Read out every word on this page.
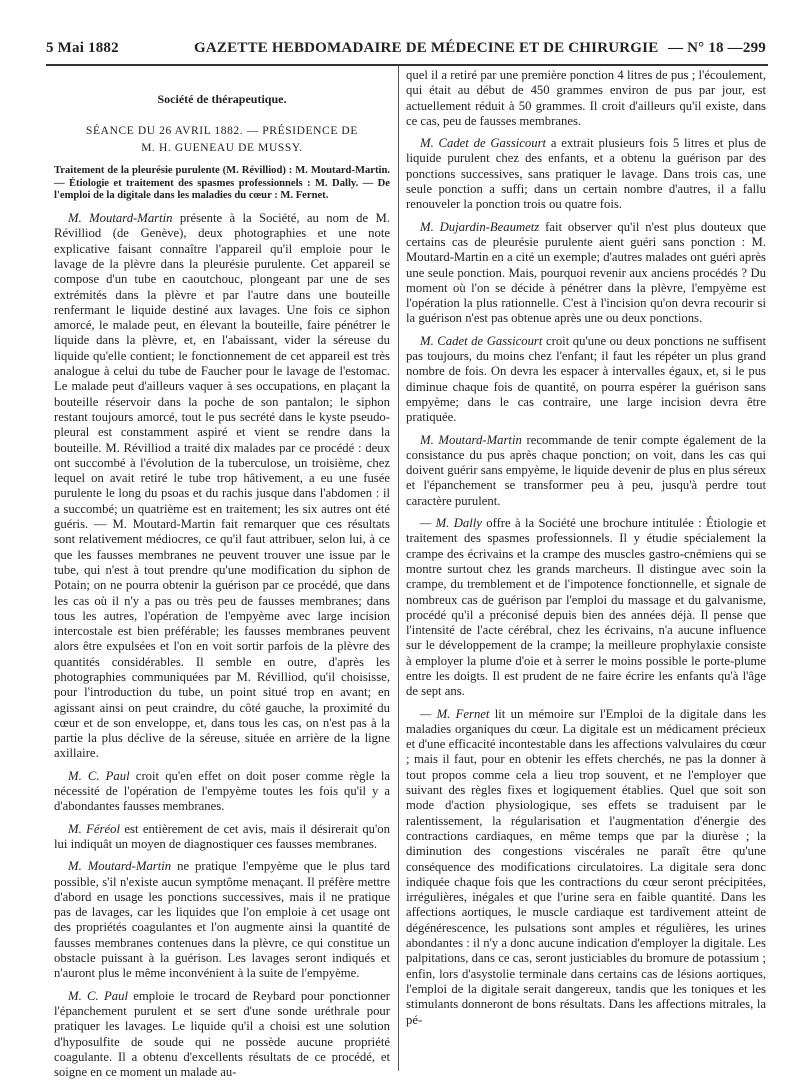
5 Mai 1882	GAZETTE HEBDOMADAIRE DE MÉDECINE ET DE CHIRURGIE — N° 18 — 299
Société de thérapeutique.
SÉANCE DU 26 AVRIL 1882. — PRÉSIDENCE DE
M. H. GUENEAU DE MUSSY.
Traitement de la pleurésie purulente (M. Révilliod) : M. Moutard-Martin. — Étiologie et traitement des spasmes professionnels : M. Dally. — De l'emploi de la digitale dans les maladies du cœur : M. Fernet.

M. Moutard-Martin présente à la Société, au nom de M. Révilliod (de Genève), deux photographies et une note explicative faisant connaître l'appareil qu'il emploie pour le lavage de la plèvre dans la pleurésie purulente. Cet appareil se compose d'un tube en caoutchouc, plongeant par une de ses extrémités dans la plèvre et par l'autre dans une bouteille renfermant le liquide destiné aux lavages. Une fois ce siphon amorcé, le malade peut, en élevant la bouteille, faire pénétrer le liquide dans la plèvre, et, en l'abaissant, vider la séreuse du liquide qu'elle contient; le fonctionnement de cet appareil est très analogue à celui du tube de Faucher pour le lavage de l'estomac. Le malade peut d'ailleurs vaquer à ses occupations, en plaçant la bouteille réservoir dans la poche de son pantalon; le siphon restant toujours amorcé, tout le pus secrété dans le kyste pseudo-pleural est constamment aspiré et vient se rendre dans la bouteille. M. Révilliod a traité dix malades par ce procédé : deux ont succombé à l'évolution de la tuberculose, un troisième, chez lequel on avait retiré le tube trop hâtivement, a eu une fusée purulente le long du psoas et du rachis jusque dans l'abdomen : il a succombé; un quatrième est en traitement; les six autres ont été guéris. — M. Moutard-Martin fait remarquer que ces résultats sont relativement médiocres, ce qu'il faut attribuer, selon lui, à ce que les fausses membranes ne peuvent trouver une issue par le tube, qui n'est à tout prendre qu'une modification du siphon de Potain; on ne pourra obtenir la guérison par ce procédé, que dans les cas où il n'y a pas ou très peu de fausses membranes; dans tous les autres, l'opération de l'empyème avec large incision intercostale est bien préférable; les fausses membranes peuvent alors être expulsées et l'on en voit sortir parfois de la plèvre des quantités considérables. Il semble en outre, d'après les photographies communiquées par M. Révilliod, qu'il choisisse, pour l'introduction du tube, un point situé trop en avant; en agissant ainsi on peut craindre, du côté gauche, la proximité du cœur et de son enveloppe, et, dans tous les cas, on n'est pas à la partie la plus déclive de la séreuse, située en arrière de la ligne axillaire.

M. C. Paul croit qu'en effet on doit poser comme règle la nécessité de l'opération de l'empyème toutes les fois qu'il y a d'abondantes fausses membranes.

M. Féréol est entièrement de cet avis, mais il désirerait qu'on lui indiquât un moyen de diagnostiquer ces fausses membranes.

M. Moutard-Martin ne pratique l'empyème que le plus tard possible, s'il n'existe aucun symptôme menaçant. Il préfère mettre d'abord en usage les ponctions successives, mais il ne pratique pas de lavages, car les liquides que l'on emploie à cet usage ont des propriétés coagulantes et l'on augmente ainsi la quantité de fausses membranes contenues dans la plèvre, ce qui constitue un obstacle puissant à la guérison. Les lavages seront indiqués et n'auront plus le même inconvénient à la suite de l'empyème.

M. C. Paul emploie le trocard de Reybard pour ponctionner l'épanchement purulent et se sert d'une sonde uréthrale pour pratiquer les lavages. Le liquide qu'il a choisi est une solution d'hyposulfite de soude qui ne possède aucune propriété coagulante. Il a obtenu d'excellents résultats de ce procédé, et soigne en ce moment un malade au-

quel il a retiré par une première ponction 4 litres de pus ; l'écoulement, qui était au début de 450 grammes environ de pus par jour, est actuellement réduit à 50 grammes. Il croit d'ailleurs qu'il existe, dans ce cas, peu de fausses membranes.

M. Cadet de Gassicourt a extrait plusieurs fois 5 litres et plus de liquide purulent chez des enfants, et a obtenu la guérison par des ponctions successives, sans pratiquer le lavage. Dans trois cas, une seule ponction a suffi; dans un certain nombre d'autres, il a fallu renouveler la ponction trois ou quatre fois.

M. Dujardin-Beaumetz fait observer qu'il n'est plus douteux que certains cas de pleurésie purulente aient guéri sans ponction : M. Moutard-Martin en a cité un exemple; d'autres malades ont guéri après une seule ponction. Mais, pourquoi revenir aux anciens procédés ? Du moment où l'on se décide à pénétrer dans la plèvre, l'empyème est l'opération la plus rationnelle. C'est à l'incision qu'on devra recourir si la guérison n'est pas obtenue après une ou deux ponctions.

M. Cadet de Gassicourt croit qu'une ou deux ponctions ne suffisent pas toujours, du moins chez l'enfant; il faut les répéter un plus grand nombre de fois. On devra les espacer à intervalles égaux, et, si le pus diminue chaque fois de quantité, on pourra espérer la guérison sans empyème; dans le cas contraire, une large incision devra être pratiquée.

M. Moutard-Martin recommande de tenir compte également de la consistance du pus après chaque ponction; on voit, dans les cas qui doivent guérir sans empyème, le liquide devenir de plus en plus séreux et l'épanchement se transformer peu à peu, jusqu'à perdre tout caractère purulent.

— M. Dally offre à la Société une brochure intitulée : Étiologie et traitement des spasmes professionnels. Il y étudie spécialement la crampe des écrivains et la crampe des muscles gastro-cnémiens qui se montre surtout chez les grands marcheurs. Il distingue avec soin la crampe, du tremblement et de l'impotence fonctionnelle, et signale de nombreux cas de guérison par l'emploi du massage et du galvanisme, procédé qu'il a préconisé depuis bien des années déjà. Il pense que l'intensité de l'acte cérébral, chez les écrivains, n'a aucune influence sur le développement de la crampe; la meilleure prophylaxie consiste à employer la plume d'oie et à serrer le moins possible le porte-plume entre les doigts. Il est prudent de ne faire écrire les enfants qu'à l'âge de sept ans.

— M. Fernet lit un mémoire sur l'Emploi de la digitale dans les maladies organiques du cœur. La digitale est un médicament précieux et d'une efficacité incontestable dans les affections valvulaires du cœur ; mais il faut, pour en obtenir les effets cherchés, ne pas la donner à tout propos comme cela a lieu trop souvent, et ne l'employer que suivant des règles fixes et logiquement établies. Quel que soit son mode d'action physiologique, ses effets se traduisent par le ralentissement, la régularisation et l'augmentation d'énergie des contractions cardiaques, en même temps que par la diurèse ; la diminution des congestions viscérales ne paraît être qu'une conséquence des modifications circulatoires. La digitale sera donc indiquée chaque fois que les contractions du cœur seront précipitées, irrégulières, inégales et que l'urine sera en faible quantité. Dans les affections aortiques, le muscle cardiaque est tardivement atteint de dégénérescence, les pulsations sont amples et régulières, les urines abondantes : il n'y a donc aucune indication d'employer la digitale. Les palpitations, dans ce cas, seront justiciables du bromure de potassium ; enfin, lors d'asystolie terminale dans certains cas de lésions aortiques, l'emploi de la digitale serait dangereux, tandis que les toniques et les stimulants donneront de bons résultats. Dans les affections mitrales, la pé-
